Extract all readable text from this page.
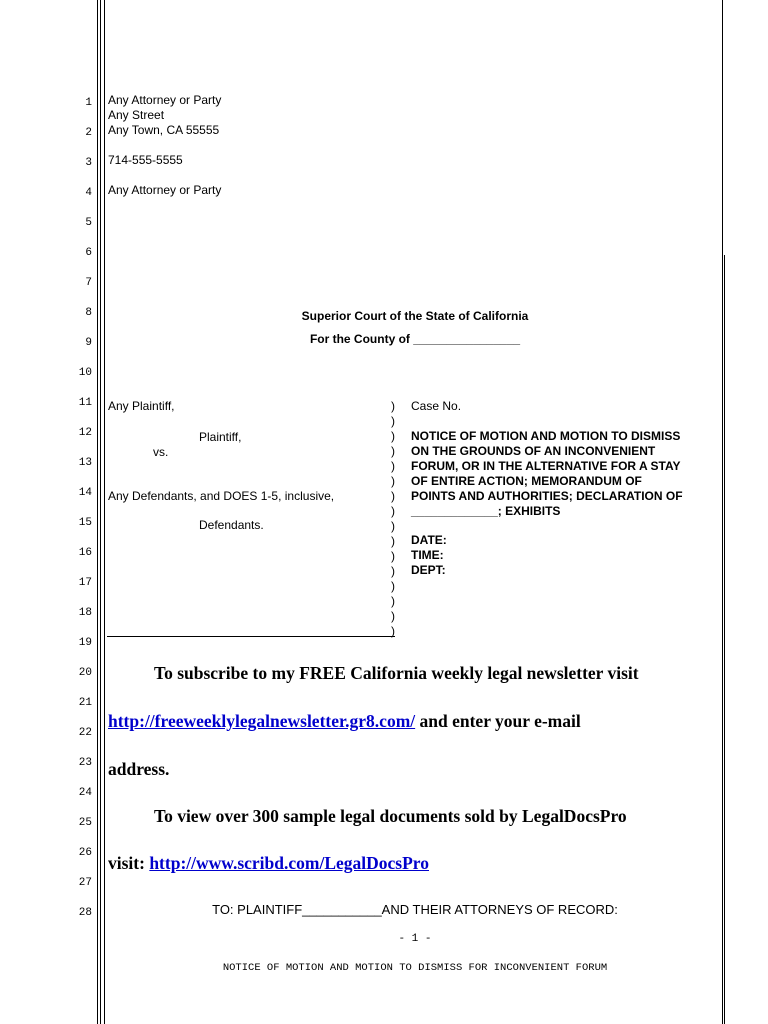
1
2
3
4
5
6
7
8
9
10
11
12
13
14
15
16
17
18
19
20
21
22
23
24
25
26
27
28
Any Attorney or Party
Any Street
Any Town, CA 55555
714-555-5555
Any Attorney or Party
Superior Court of the State of California
For the County of ________________
Any Plaintiff,
Plaintiff,
vs.
Any Defendants, and DOES 1-5, inclusive,
Defendants.
)
)
)
)
)
)
)
)
)
)
)
)
)
)
)
)
Case No.
NOTICE OF MOTION AND MOTION TO DISMISS
ON THE GROUNDS OF AN INCONVENIENT
FORUM, OR IN THE ALTERNATIVE FOR A STAY
OF ENTIRE ACTION; MEMORANDUM OF
POINTS AND AUTHORITIES; DECLARATION OF
_____________; EXHIBITS
DATE:
TIME:
DEPT:
To subscribe to my FREE California weekly legal newsletter visit
http://freeweeklylegalnewsletter.gr8.com/ and enter your e-mail
address.
To view over 300 sample legal documents sold by LegalDocsPro
visit: http://www.scribd.com/LegalDocsPro
TO: PLAINTIFF___________AND THEIR ATTORNEYS OF RECORD:
- 1 -
NOTICE OF MOTION AND MOTION TO DISMISS FOR INCONVENIENT FORUM
